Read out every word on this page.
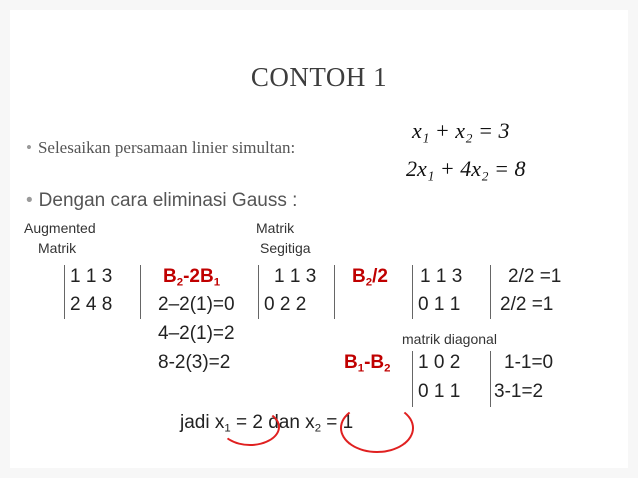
CONTOH 1
• Selesaikan persamaan linier simultan:
x₁ + x₂ = 3
2x₁ + 4x₂ = 8
• Dengan cara eliminasi Gauss :
Augmented
Matrik
Matrik
Segitiga
1 1 3
2 4 8
$B_2-2B_1$
2–2(1)=0
4–2(1)=2
8-2(3)=2
1 1 3
0 2 2
$B_2/2$ 1 1 3
0 1 1
2/2 =1
2/2 =1
matrik diagonal
$B_1-B_2$ 1 0 2
0 1 1
1-1=0
3-1=2
jadi $x_1 = 2$ dan $x_2 = 1$
